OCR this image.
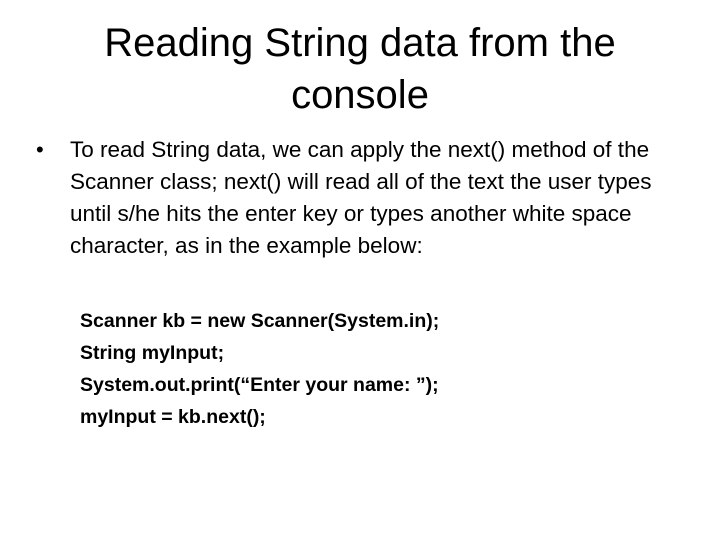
Reading String data from the console
• To read String data, we can apply the next() method of the Scanner class; next() will read all of the text the user types until s/he hits the enter key or types another white space character, as in the example below:

Scanner kb = new Scanner(System.in);
String myInput;
System.out.print(“Enter your name: ”);
myInput = kb.next();
